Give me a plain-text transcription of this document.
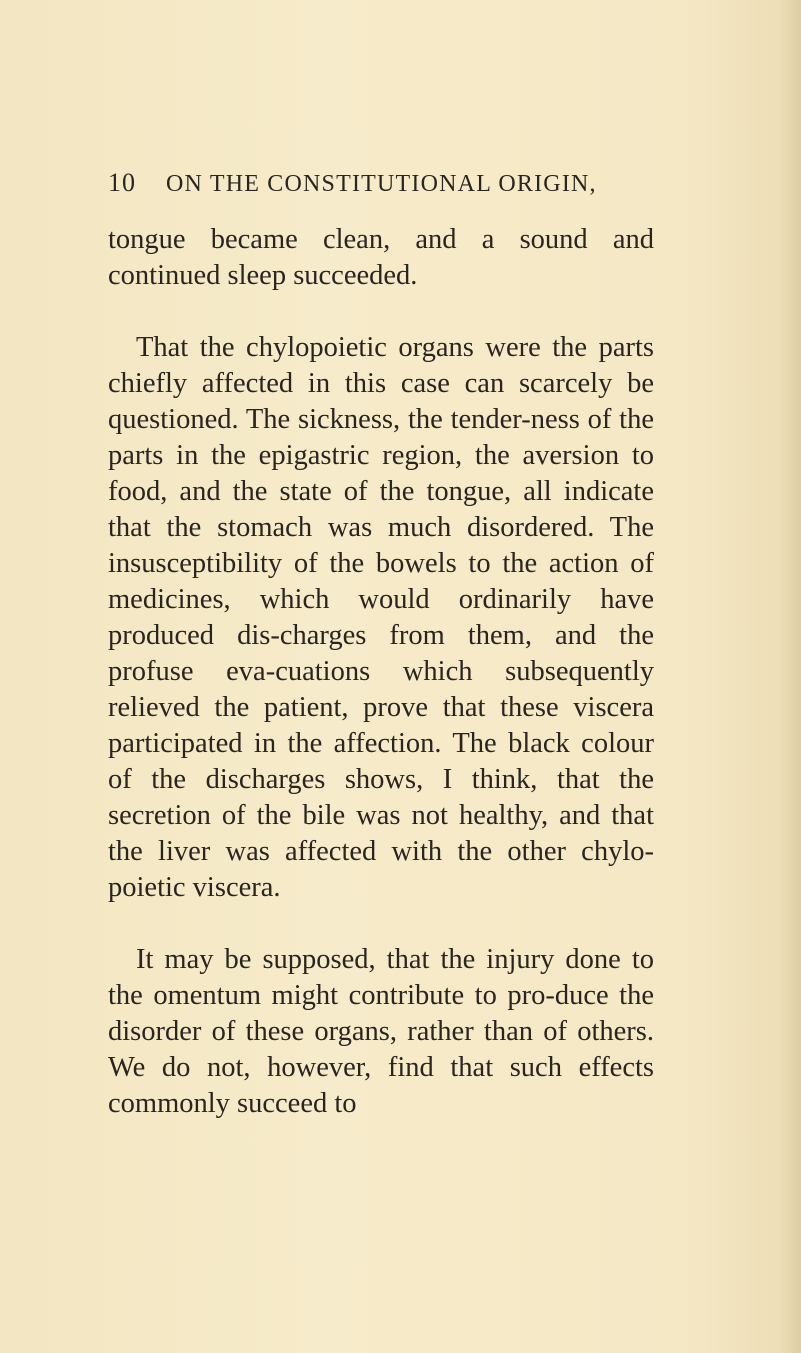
10 ON THE CONSTITUTIONAL ORIGIN,

tongue became clean, and a sound and continued sleep succeeded.

That the chylopoietic organs were the parts chiefly affected in this case can scarcely be questioned. The sickness, the tender-ness of the parts in the epigastric region, the aversion to food, and the state of the tongue, all indicate that the stomach was much disordered. The insusceptibility of the bowels to the action of medicines, which would ordinarily have produced dis-charges from them, and the profuse eva-cuations which subsequently relieved the patient, prove that these viscera participated in the affection. The black colour of the discharges shows, I think, that the secretion of the bile was not healthy, and that the liver was affected with the other chylo-poietic viscera.

It may be supposed, that the injury done to the omentum might contribute to pro-duce the disorder of these organs, rather than of others. We do not, however, find that such effects commonly succeed to
